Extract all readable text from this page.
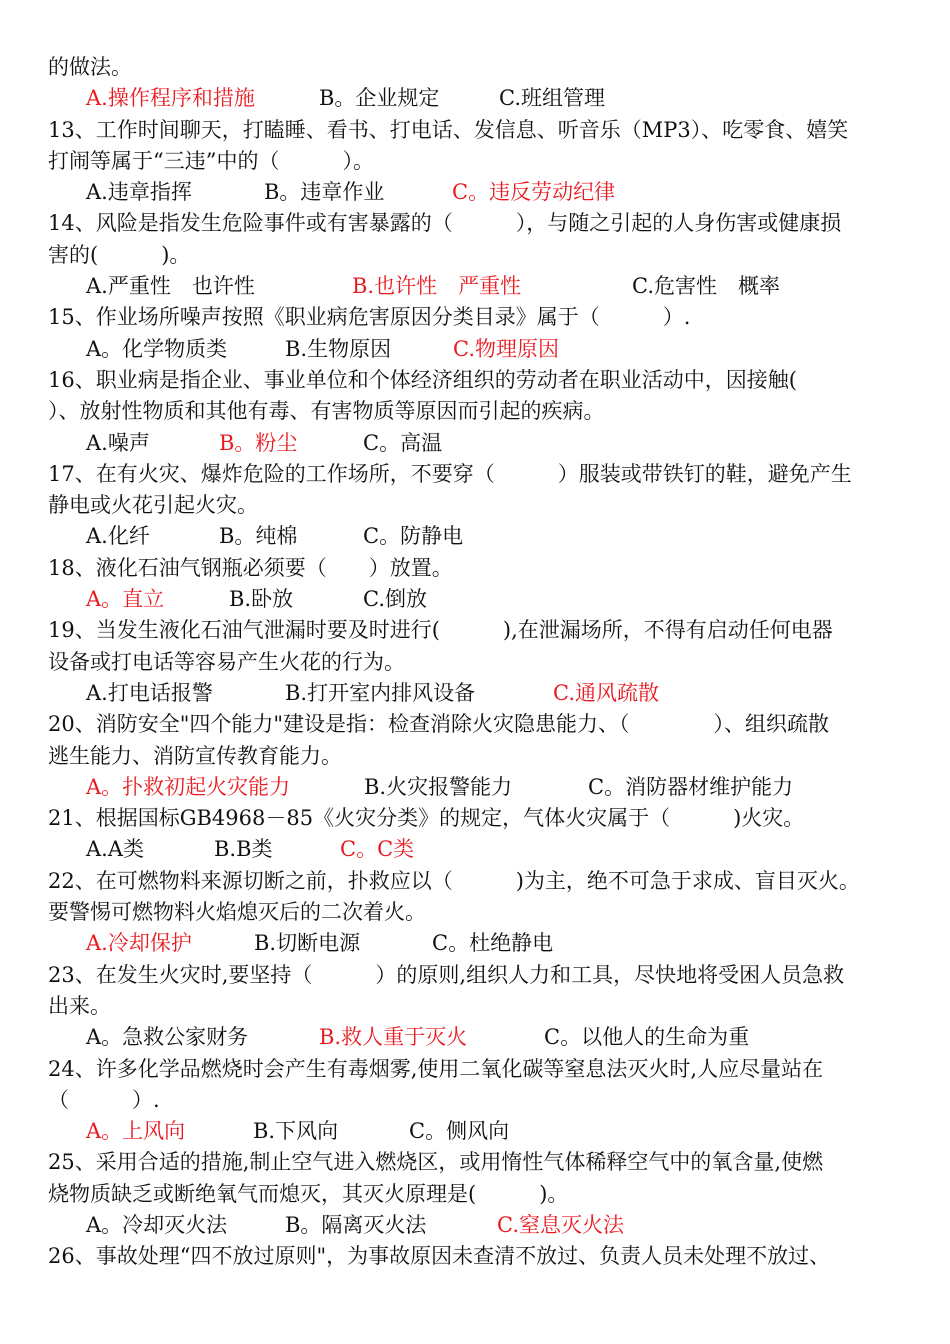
的做法。
A.操作程序和措施	B。企业规定	C.班组管理
13、工作时间聊天，打瞌睡、看书、打电话、发信息、听音乐（MP3）、吃零食、嬉笑
打闹等属于“三违”中的（　　　）。
A.违章指挥	B。违章作业	C。违反劳动纪律
14、风险是指发生危险事件或有害暴露的（　　　），与随之引起的人身伤害或健康损
害的(　　　)。
A.严重性　也许性	B.也许性　严重性	C.危害性　概率
15、作业场所噪声按照《职业病危害原因分类目录》属于（　　　）.
A。化学物质类	B.生物原因	C.物理原因
16、职业病是指企业、事业单位和个体经济组织的劳动者在职业活动中，因接触(
）、放射性物质和其他有毒、有害物质等原因而引起的疾病。
A.噪声	B。粉尘	C。高温
17、在有火灾、爆炸危险的工作场所，不要穿（　　　）服装或带铁钉的鞋，避免产生
静电或火花引起火灾。
A.化纤	B。纯棉	C。防静电
18、液化石油气钢瓶必须要（　　）放置。
A。直立	B.卧放	C.倒放
19、当发生液化石油气泄漏时要及时进行(　　　),在泄漏场所，不得有启动任何电器
设备或打电话等容易产生火花的行为。
A.打电话报警	B.打开室内排风设备	C.通风疏散
20、消防安全"四个能力"建设是指：检查消除火灾隐患能力、（　　　　）、组织疏散
逃生能力、消防宣传教育能力。
A。扑救初起火灾能力	B.火灾报警能力	C。消防器材维护能力
21、根据国标GB4968－85《火灾分类》的规定，气体火灾属于（　　　)火灾。
A.A类	B.B类	C。C类
22、在可燃物料来源切断之前，扑救应以（　　　)为主，绝不可急于求成、盲目灭火。
要警惕可燃物料火焰熄灭后的二次着火。
A.冷却保护	B.切断电源	C。杜绝静电
23、在发生火灾时,要坚持（　　　）的原则,组织人力和工具，尽快地将受困人员急救
出来。
A。急救公家财务	B.救人重于灭火	C。以他人的生命为重
24、许多化学品燃烧时会产生有毒烟雾,使用二氧化碳等窒息法灭火时,人应尽量站在
（　　　）.
A。上风向	B.下风向	C。侧风向
25、采用合适的措施,制止空气进入燃烧区，或用惰性气体稀释空气中的氧含量,使燃
烧物质缺乏或断绝氧气而熄灭，其灭火原理是(　　　)。
A。冷却灭火法	B。隔离灭火法	C.窒息灭火法
26、事故处理“四不放过原则"，为事故原因未查清不放过、负责人员未处理不放过、
